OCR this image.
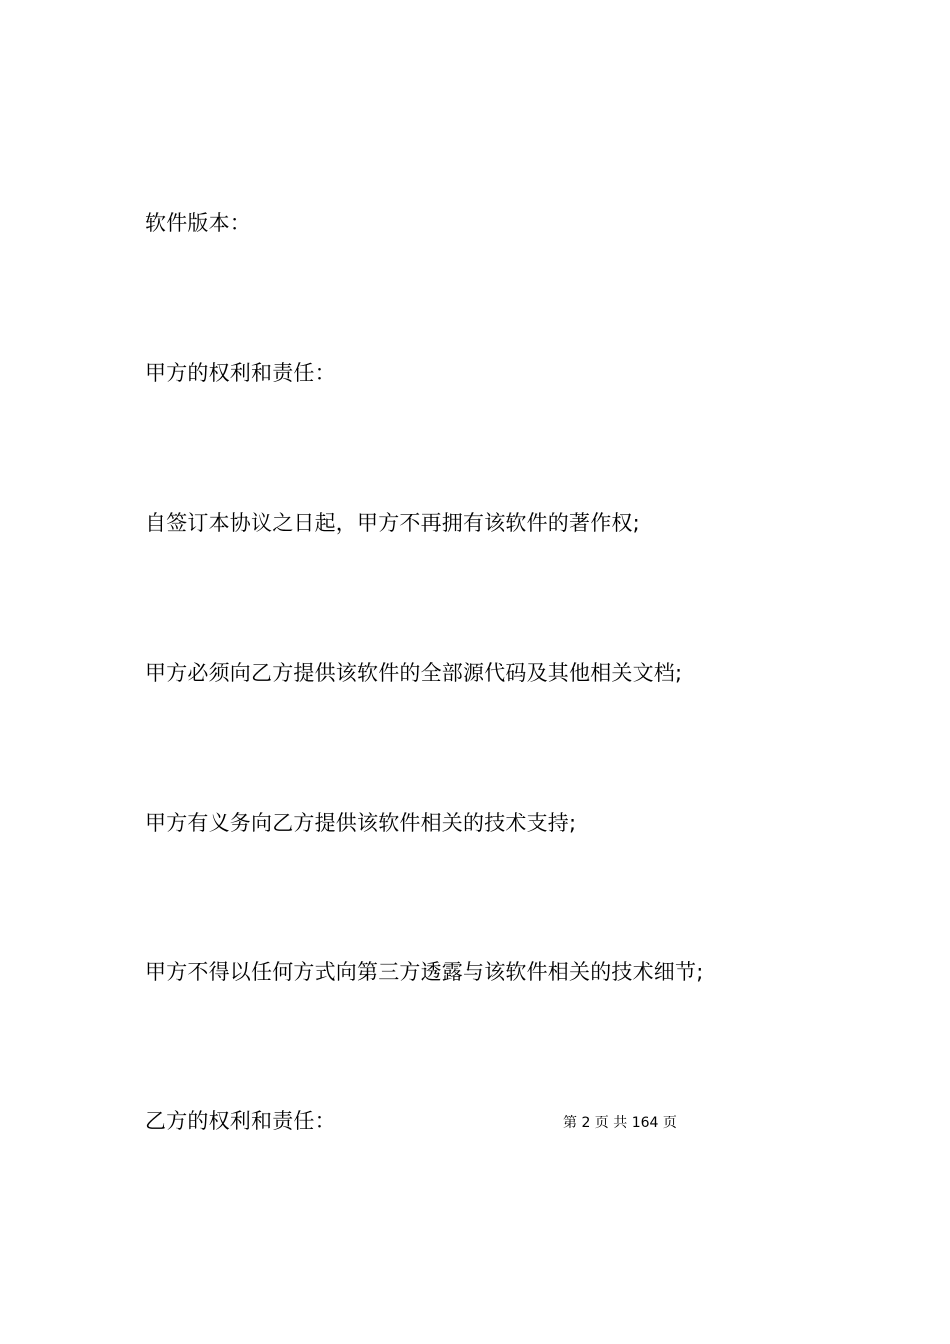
软件版本：
甲方的权利和责任：
自签订本协议之日起，甲方不再拥有该软件的著作权;
甲方必须向乙方提供该软件的全部源代码及其他相关文档;
甲方有义务向乙方提供该软件相关的技术支持;
甲方不得以任何方式向第三方透露与该软件相关的技术细节;
乙方的权利和责任：	第 2 页 共 164 页
